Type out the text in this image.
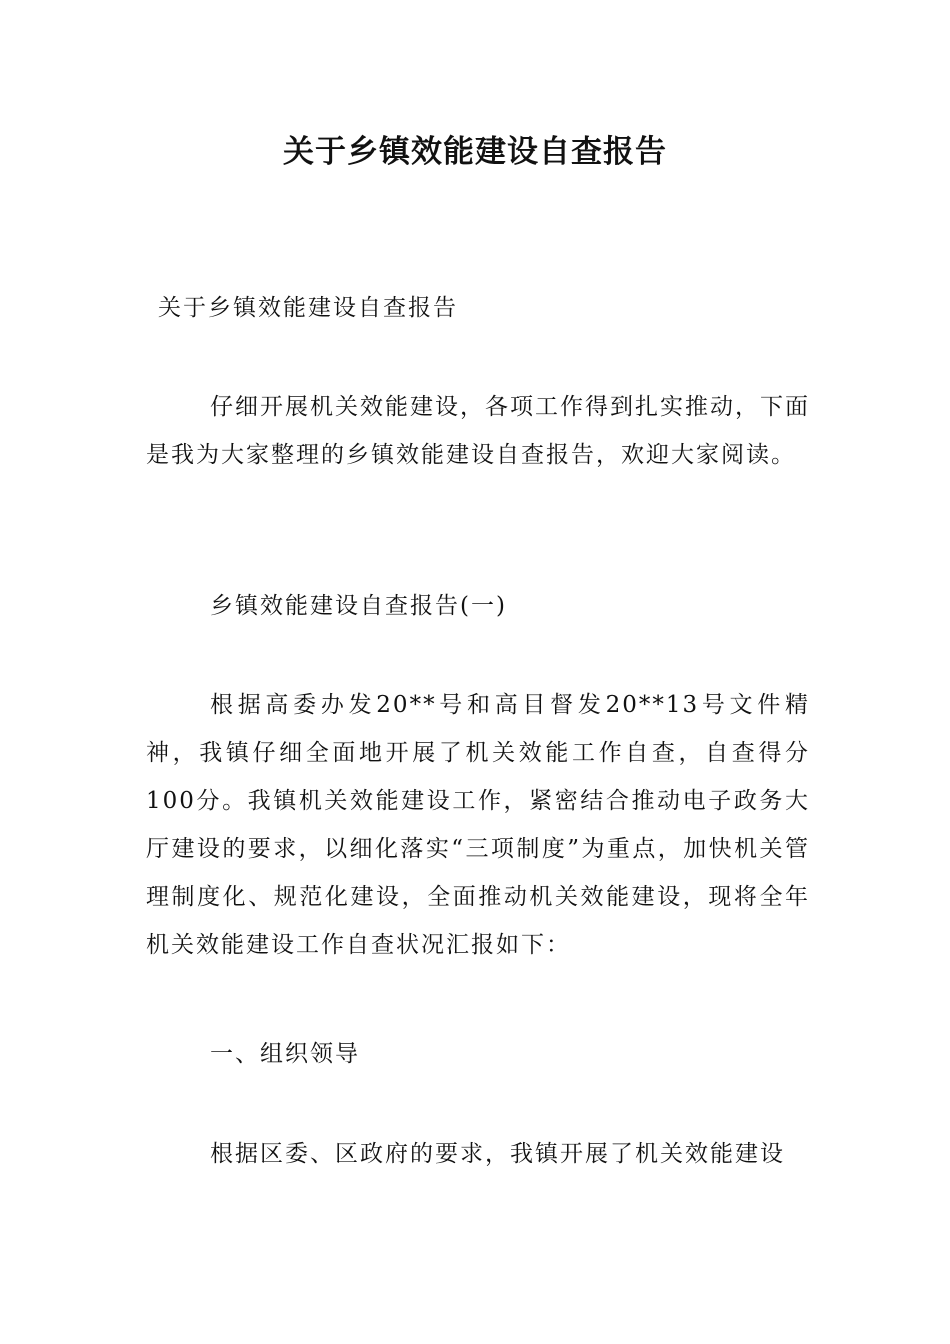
关于乡镇效能建设自查报告

关于乡镇效能建设自查报告

仔细开展机关效能建设，各项工作得到扎实推动，下面是我为大家整理的乡镇效能建设自查报告，欢迎大家阅读。

乡镇效能建设自查报告(一)

根据高委办发20**号和高目督发20**13号文件精神，我镇仔细全面地开展了机关效能工作自查，自查得分100分。我镇机关效能建设工作，紧密结合推动电子政务大厅建设的要求，以细化落实“三项制度”为重点，加快机关管理制度化、规范化建设，全面推动机关效能建设，现将全年机关效能建设工作自查状况汇报如下：

一、组织领导

根据区委、区政府的要求，我镇开展了机关效能建设
